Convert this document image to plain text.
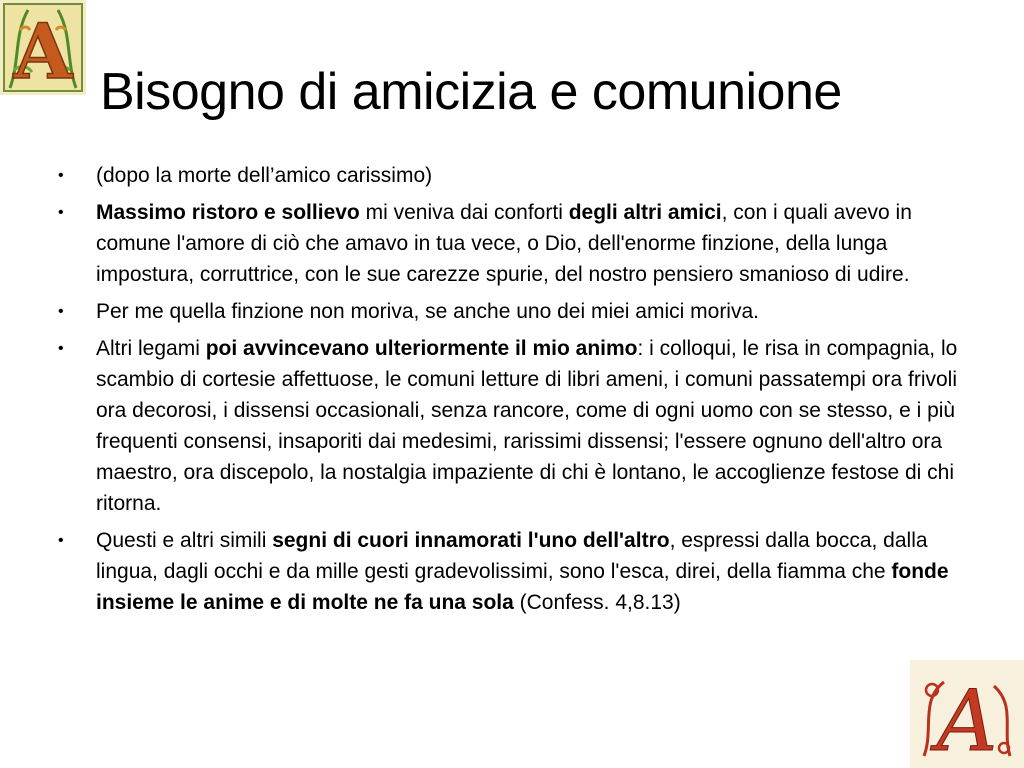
A Bisogno di amicizia e comunione
• (dopo la morte dell’amico carissimo)
• Massimo ristoro e sollievo mi veniva dai conforti degli altri amici, con i quali avevo in comune l'amore di ciò che amavo in tua vece, o Dio, dell'enorme finzione, della lunga impostura, corruttrice, con le sue carezze spurie, del nostro pensiero smanioso di udire.
• Per me quella finzione non moriva, se anche uno dei miei amici moriva.
• Altri legami poi avvincevano ulteriormente il mio animo: i colloqui, le risa in compagnia, lo scambio di cortesie affettuose, le comuni letture di libri ameni, i comuni passatempi ora frivoli ora decorosi, i dissensi occasionali, senza rancore, come di ogni uomo con se stesso, e i più frequenti consensi, insaporiti dai medesimi, rarissimi dissensi; l'essere ognuno dell'altro ora maestro, ora discepolo, la nostalgia impaziente di chi è lontano, le accoglienze festose di chi ritorna.
• Questi e altri simili segni di cuori innamorati l'uno dell'altro, espressi dalla bocca, dalla lingua, dagli occhi e da mille gesti gradevolissimi, sono l'esca, direi, della fiamma che fonde insieme le anime e di molte ne fa una sola (Confess. 4,8.13)
A
